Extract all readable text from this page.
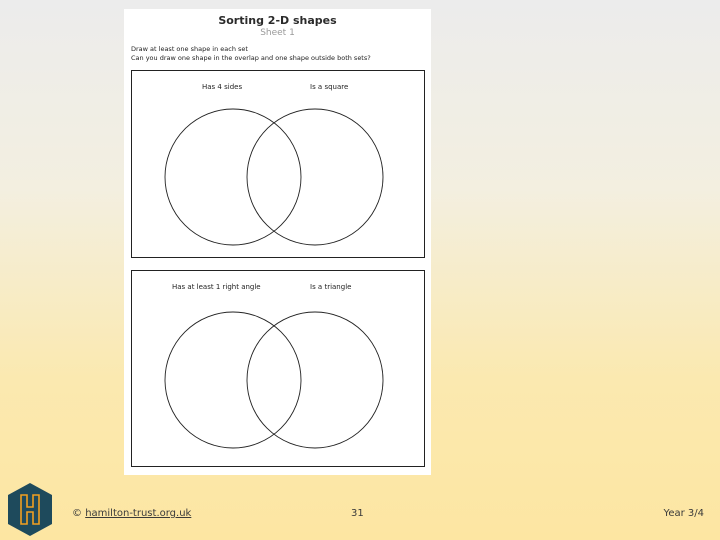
Sorting 2-D shapes
Sheet 1
Draw at least one shape in each set
Can you draw one shape in the overlap and one shape outside both sets?
Has 4 sides	Is a square
Has at least 1 right angle	Is a triangle
© hamilton-trust.org.uk	31	Year 3/4
